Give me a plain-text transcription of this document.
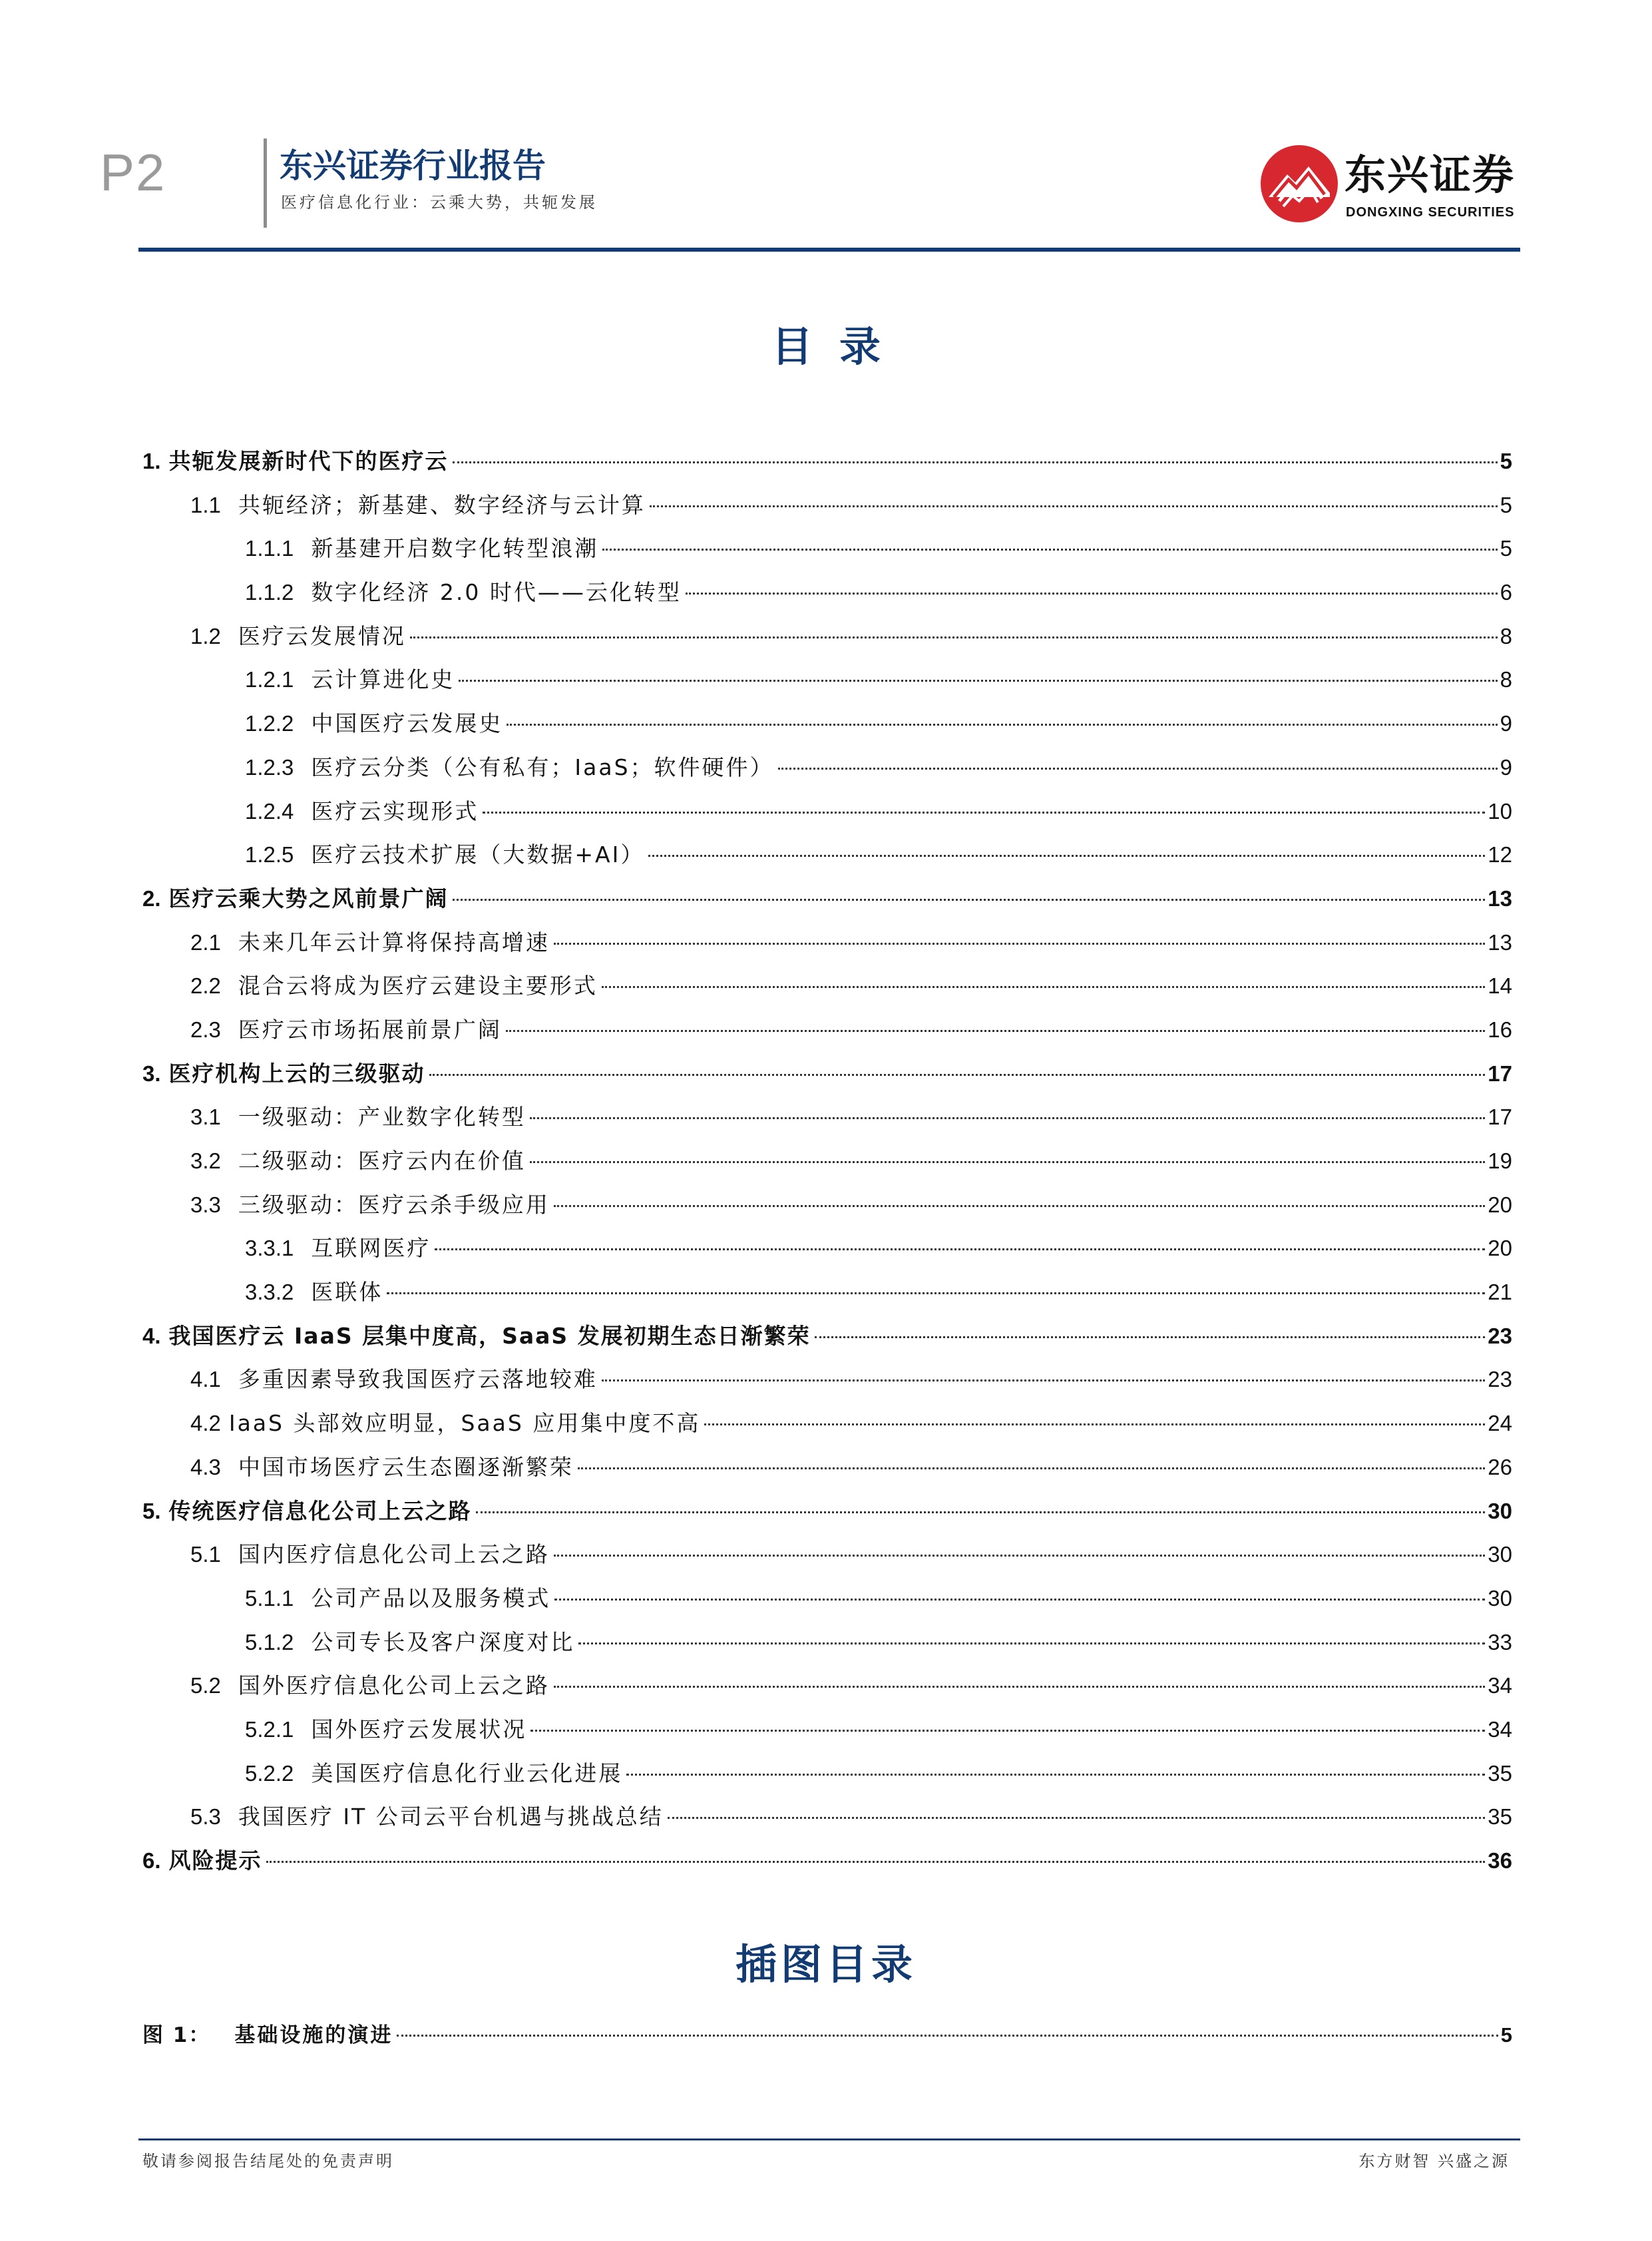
P2	东兴证券行业报告
医疗信息化行业：云乘大势，共轭发展
东兴证券
DONGXING SECURITIES
目录
1. 共轭发展新时代下的医疗云	5
1.1 共轭经济；新基建、数字经济与云计算	5
1.1.1 新基建开启数字化转型浪潮	5
1.1.2 数字化经济 2.0 时代——云化转型	6
1.2 医疗云发展情况	8
1.2.1 云计算进化史	8
1.2.2 中国医疗云发展史	9
1.2.3 医疗云分类（公有私有；IaaS；软件硬件）	9
1.2.4 医疗云实现形式	10
1.2.5 医疗云技术扩展（大数据+AI）	12
2. 医疗云乘大势之风前景广阔	13
2.1 未来几年云计算将保持高增速	13
2.2 混合云将成为医疗云建设主要形式	14
2.3 医疗云市场拓展前景广阔	16
3. 医疗机构上云的三级驱动	17
3.1 一级驱动：产业数字化转型	17
3.2 二级驱动：医疗云内在价值	19
3.3 三级驱动：医疗云杀手级应用	20
3.3.1 互联网医疗	20
3.3.2 医联体	21
4. 我国医疗云 IaaS 层集中度高，SaaS 发展初期生态日渐繁荣	23
4.1 多重因素导致我国医疗云落地较难	23
4.2 IaaS 头部效应明显，SaaS 应用集中度不高	24
4.3 中国市场医疗云生态圈逐渐繁荣	26
5. 传统医疗信息化公司上云之路	30
5.1 国内医疗信息化公司上云之路	30
5.1.1 公司产品以及服务模式	30
5.1.2 公司专长及客户深度对比	33
5.2 国外医疗信息化公司上云之路	34
5.2.1 国外医疗云发展状况	34
5.2.2 美国医疗信息化行业云化进展	35
5.3 我国医疗 IT 公司云平台机遇与挑战总结	35
6. 风险提示	36
插图目录
图 1： 基础设施的演进	5
敬请参阅报告结尾处的免责声明	东方财智 兴盛之源
